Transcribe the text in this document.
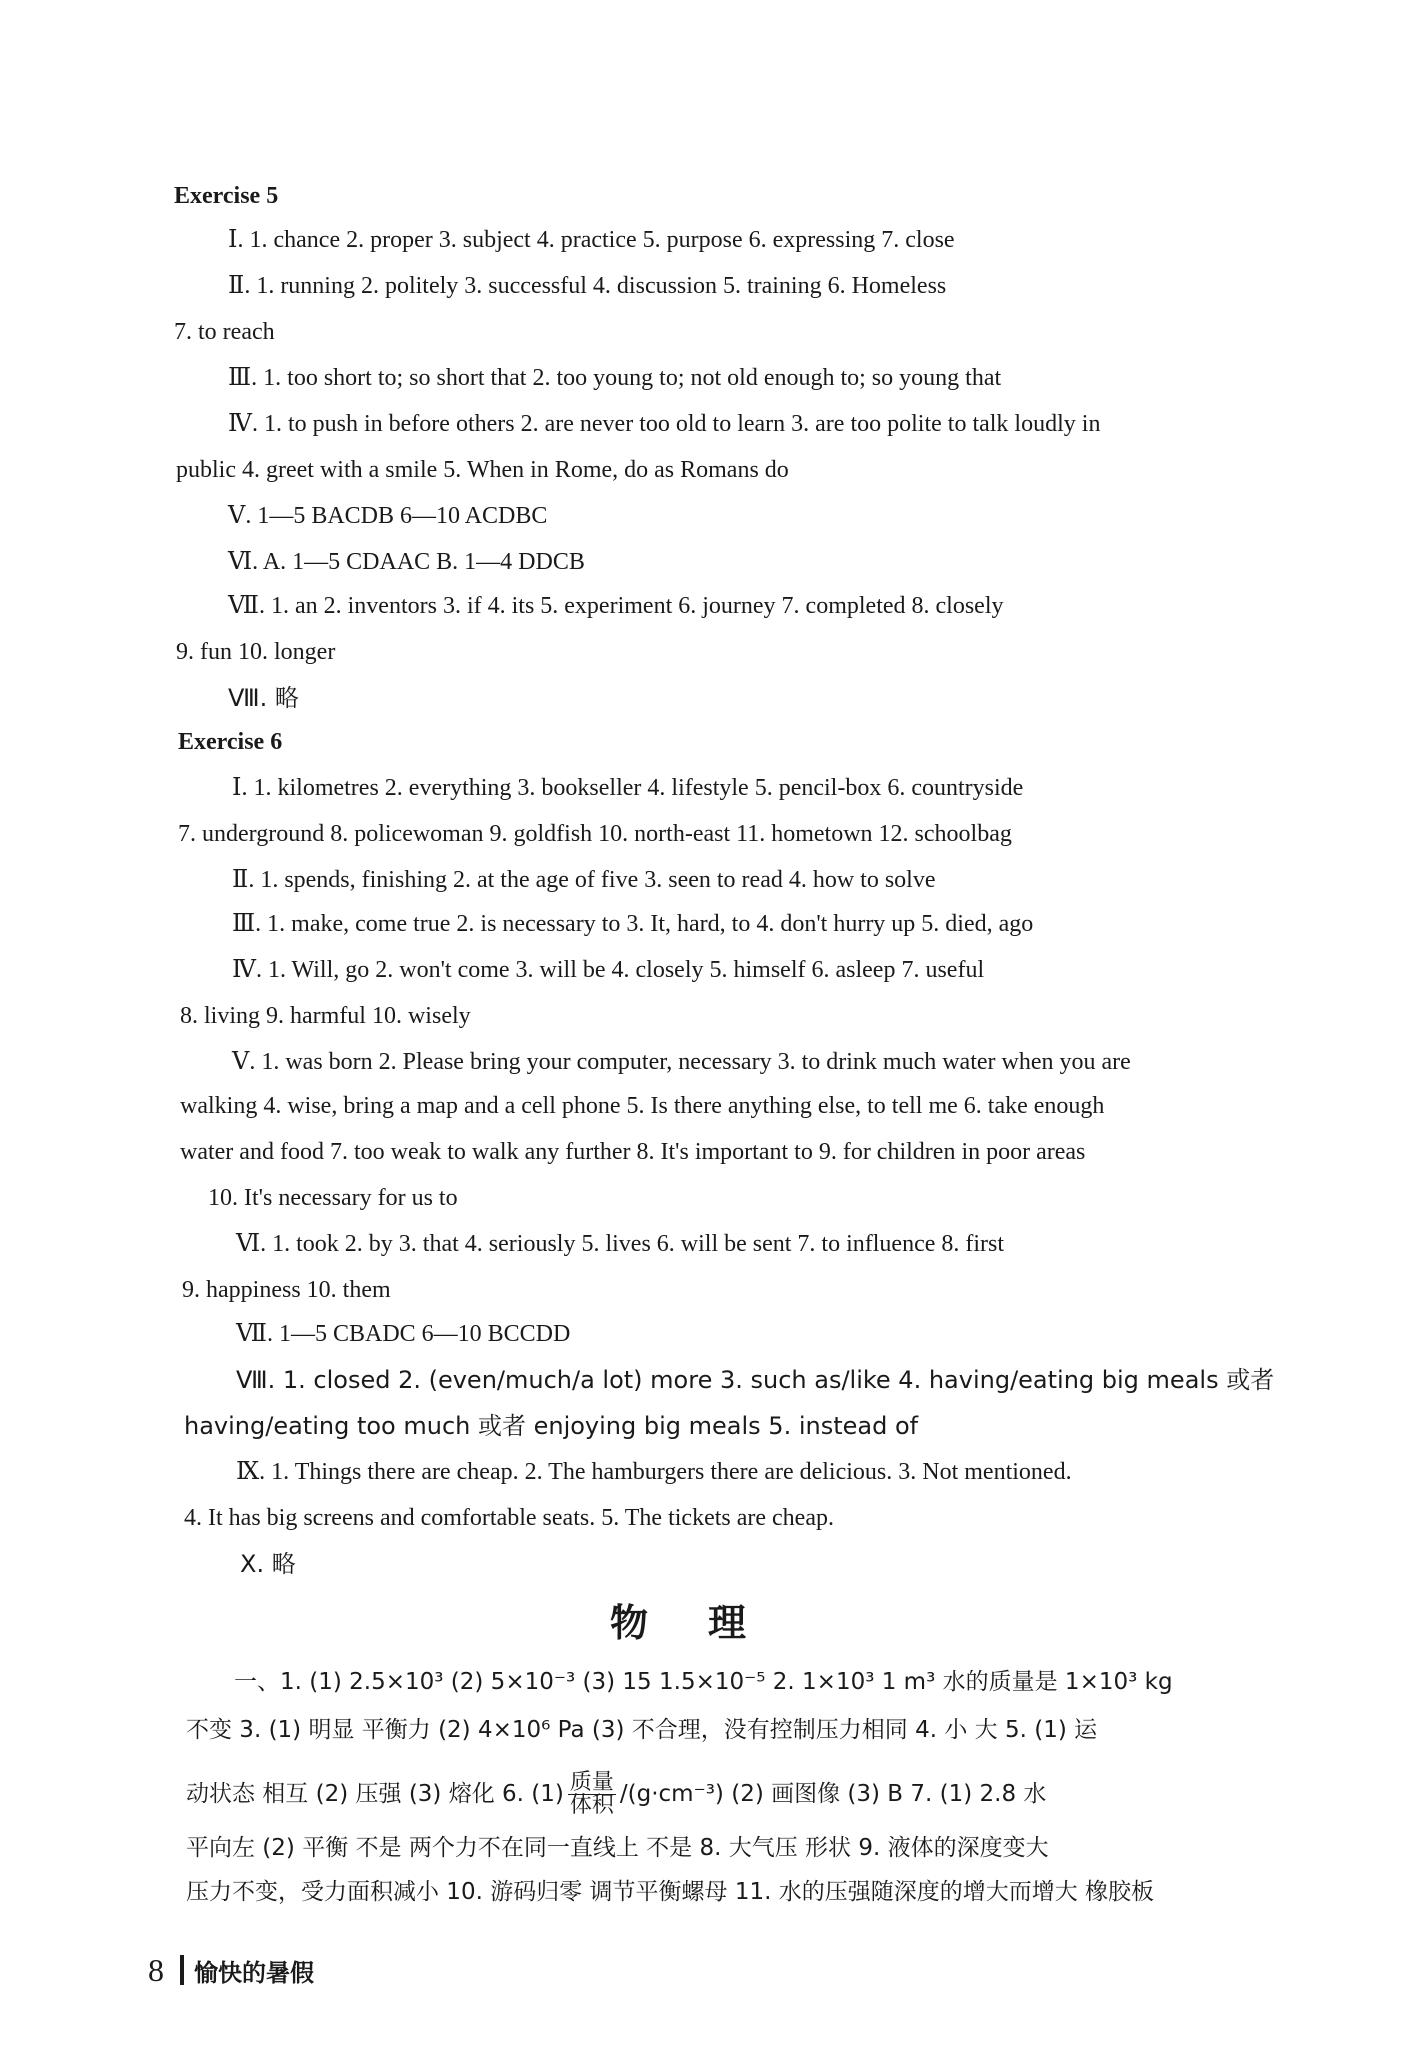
Exercise 5
Ⅰ. 1. chance 2. proper 3. subject 4. practice 5. purpose 6. expressing 7. close
Ⅱ. 1. running 2. politely 3. successful 4. discussion 5. training 6. Homeless
7. to reach
Ⅲ. 1. too short to; so short that 2. too young to; not old enough to; so young that
Ⅳ. 1. to push in before others 2. are never too old to learn 3. are too polite to talk loudly in
public 4. greet with a smile 5. When in Rome, do as Romans do
Ⅴ. 1—5 BACDB 6—10 ACDBC
Ⅵ. A. 1—5 CDAAC B. 1—4 DDCB
Ⅶ. 1. an 2. inventors 3. if 4. its 5. experiment 6. journey 7. completed 8. closely
9. fun 10. longer
Ⅷ. 略
Exercise 6
Ⅰ. 1. kilometres 2. everything 3. bookseller 4. lifestyle 5. pencil-box 6. countryside
7. underground 8. policewoman 9. goldfish 10. north-east 11. hometown 12. schoolbag
Ⅱ. 1. spends, finishing 2. at the age of five 3. seen to read 4. how to solve
Ⅲ. 1. make, come true 2. is necessary to 3. It, hard, to 4. don't hurry up 5. died, ago
Ⅳ. 1. Will, go 2. won't come 3. will be 4. closely 5. himself 6. asleep 7. useful
8. living 9. harmful 10. wisely
Ⅴ. 1. was born 2. Please bring your computer, necessary 3. to drink much water when you are
walking 4. wise, bring a map and a cell phone 5. Is there anything else, to tell me 6. take enough
water and food 7. too weak to walk any further 8. It's important to 9. for children in poor areas
10. It's necessary for us to
Ⅵ. 1. took 2. by 3. that 4. seriously 5. lives 6. will be sent 7. to influence 8. first
9. happiness 10. them
Ⅶ. 1—5 CBADC 6—10 BCCDD
Ⅷ. 1. closed 2. (even/much/a lot) more 3. such as/like 4. having/eating big meals 或者
having/eating too much 或者 enjoying big meals 5. instead of
Ⅸ. 1. Things there are cheap. 2. The hamburgers there are delicious. 3. Not mentioned.
4. It has big screens and comfortable seats. 5. The tickets are cheap.
Ⅹ. 略
物理
一、1. (1) 2.5×10³ (2) 5×10⁻³ (3) 15 1.5×10⁻⁵ 2. 1×10³ 1 m³ 水的质量是 1×10³ kg
不变 3. (1) 明显 平衡力 (2) 4×10⁶ Pa (3) 不合理，没有控制压力相同 4. 小 大 5. (1) 运
动状态 相互 (2) 压强 (3) 熔化 6. $(1) \frac{\text{质量}}{\text{体积}} /(g\cdot cm^{-3})$ (2) 画图像 (3) B 7. (1) 2.8 水
平向左 (2) 平衡 不是 两个力不在同一直线上 不是 8. 大气压 形状 9. 液体的深度变大
压力不变，受力面积减小 10. 游码归零 调节平衡螺母 11. 水的压强随深度的增大而增大 橡胶板
8 愉快的暑假
